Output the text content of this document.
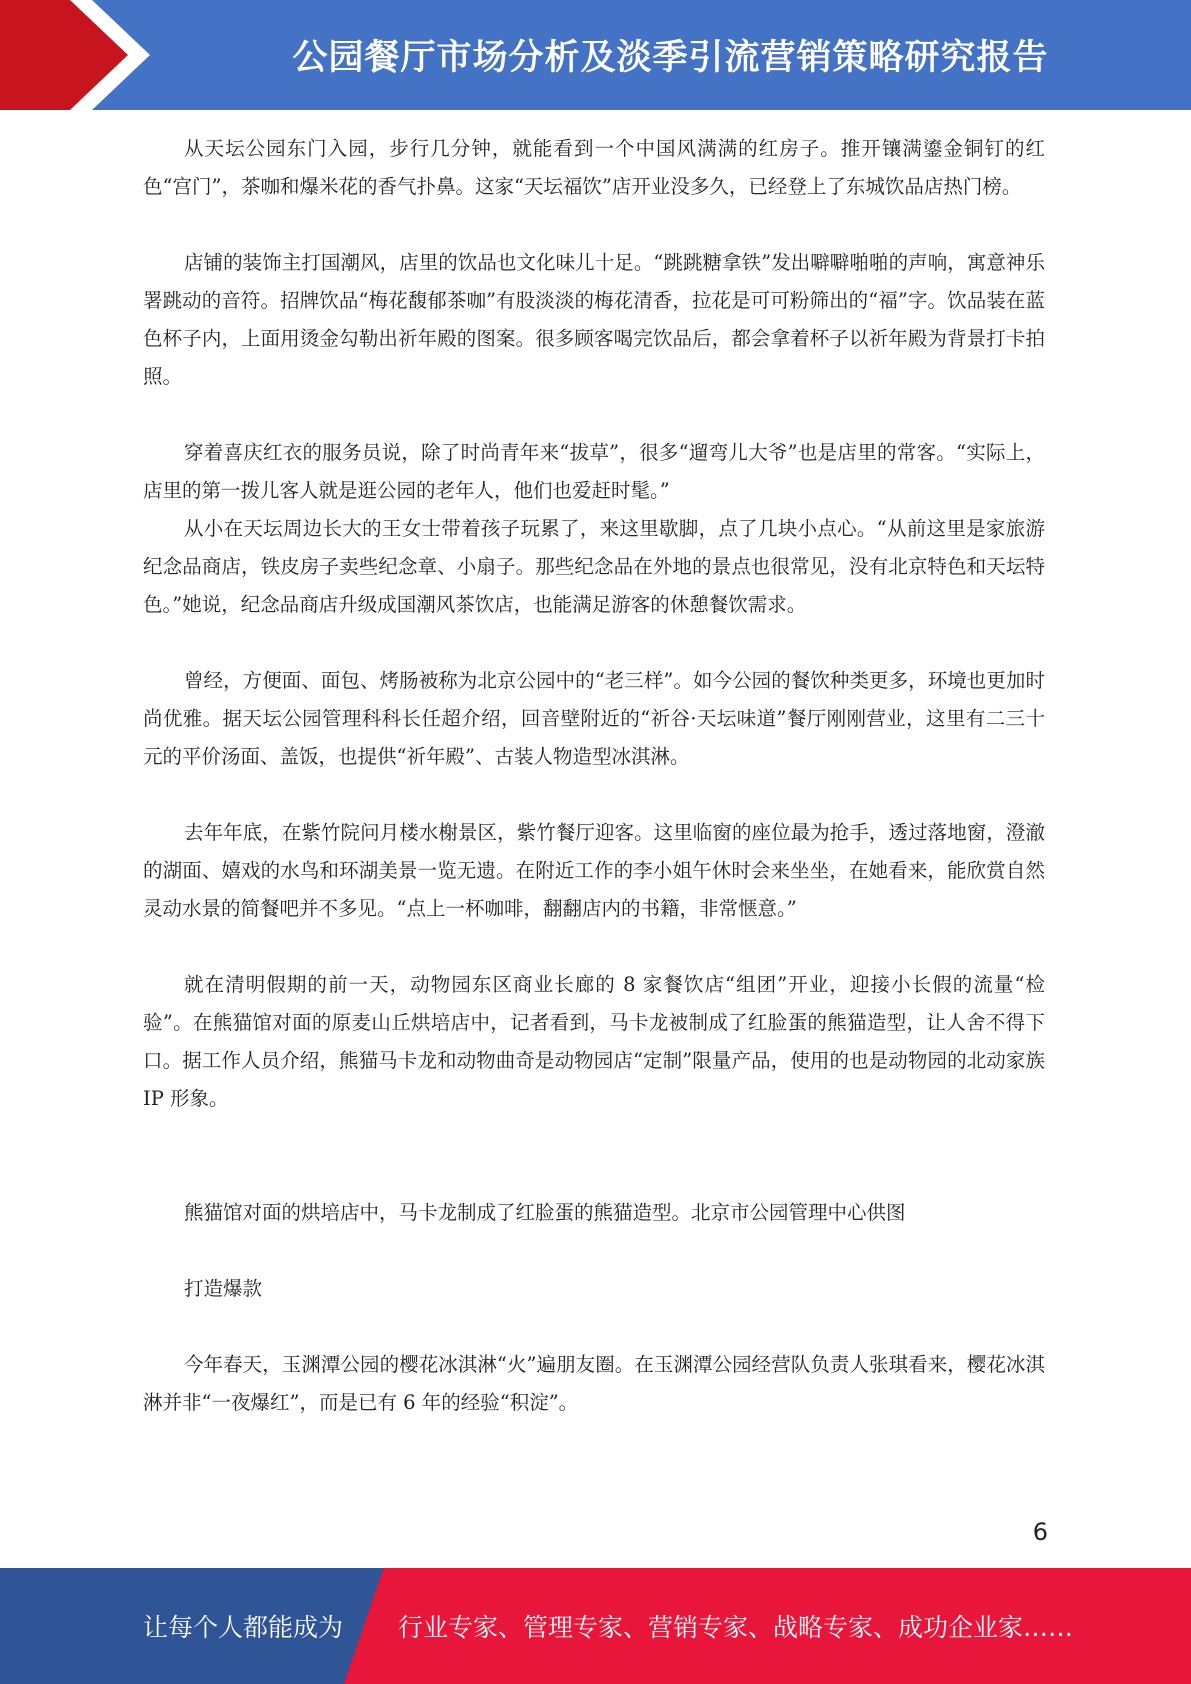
公园餐厅市场分析及淡季引流营销策略研究报告

从天坛公园东门入园，步行几分钟，就能看到一个中国风满满的红房子。推开镶满鎏金铜钉的红色“宫门”，茶咖和爆米花的香气扑鼻。这家“天坛福饮”店开业没多久，已经登上了东城饮品店热门榜。

店铺的装饰主打国潮风，店里的饮品也文化味儿十足。“跳跳糖拿铁”发出噼噼啪啪的声响，寓意神乐署跳动的音符。招牌饮品“梅花馥郁茶咖”有股淡淡的梅花清香，拉花是可可粉筛出的“福”字。饮品装在蓝色杯子内，上面用烫金勾勒出祈年殿的图案。很多顾客喝完饮品后，都会拿着杯子以祈年殿为背景打卡拍照。

穿着喜庆红衣的服务员说，除了时尚青年来“拔草”，很多“遛弯儿大爷”也是店里的常客。“实际上，店里的第一拨儿客人就是逛公园的老年人，他们也爱赶时髦。”

从小在天坛周边长大的王女士带着孩子玩累了，来这里歇脚，点了几块小点心。“从前这里是家旅游纪念品商店，铁皮房子卖些纪念章、小扇子。那些纪念品在外地的景点也很常见，没有北京特色和天坛特色。”她说，纪念品商店升级成国潮风茶饮店，也能满足游客的休憩餐饮需求。

曾经，方便面、面包、烤肠被称为北京公园中的“老三样”。如今公园的餐饮种类更多，环境也更加时尚优雅。据天坛公园管理科科长任超介绍，回音壁附近的“祈谷·天坛味道”餐厅刚刚营业，这里有二三十元的平价汤面、盖饭，也提供“祈年殿”、古装人物造型冰淇淋。

去年年底，在紫竹院问月楼水榭景区，紫竹餐厅迎客。这里临窗的座位最为抢手，透过落地窗，澄澈的湖面、嬉戏的水鸟和环湖美景一览无遗。在附近工作的李小姐午休时会来坐坐，在她看来，能欣赏自然灵动水景的简餐吧并不多见。“点上一杯咖啡，翻翻店内的书籍，非常惬意。”

就在清明假期的前一天，动物园东区商业长廊的 8 家餐饮店“组团”开业，迎接小长假的流量“检验”。在熊猫馆对面的原麦山丘烘培店中，记者看到，马卡龙被制成了红脸蛋的熊猫造型，让人舍不得下口。据工作人员介绍，熊猫马卡龙和动物曲奇是动物园店“定制”限量产品，使用的也是动物园的北动家族 IP 形象。

熊猫馆对面的烘培店中，马卡龙制成了红脸蛋的熊猫造型。北京市公园管理中心供图

打造爆款

今年春天，玉渊潭公园的樱花冰淇淋“火”遍朋友圈。在玉渊潭公园经营队负责人张琪看来，樱花冰淇淋并非“一夜爆红”，而是已有 6 年的经验“积淀”。

6
让每个人都能成为 行业专家、管理专家、营销专家、战略专家、成功企业家……
